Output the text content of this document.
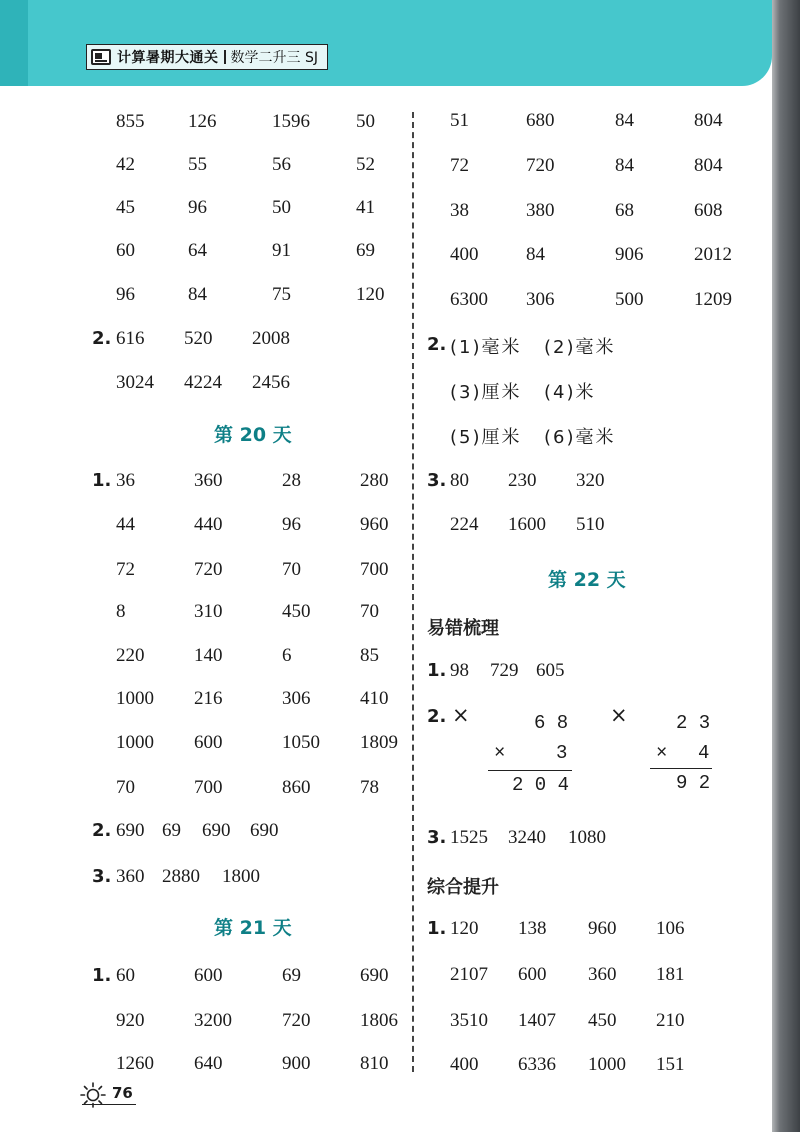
计算暑期大通关 数学二升三 SJ
855 126	1596 50
42	55	56	52
45	96	50	41
60	64	91	69
96	84	75	120
2. 616 520 2008
3024 4224 2456
第 20 天
1. 36	360	28	280
44	440	96	960
72	720	70	700
8	310	450	70
220	140	6	85
1000 216	306	410
1000 600	1050 1809
70	700	860	78
2. 690 69 690 690
3. 360 2880 1800
第 21 天
1. 60	600	69	690
920	3200	720	1806
1260 640	900	810
51	680	84	804
72	720	84	804
38	380	68	608
400	84	906	2012
6300 306	500	1209
2. (1)毫米 (2)毫米
(3)厘米 (4)米
(5)厘米 (6)毫米
3. 80 230 320
224 1600 510
第 22 天
易错梳理
1. 98 729 605
2. ×	×
6 8
×	3
2 0 4
2 3
× 4
9 2
3. 1525 3240 1080
综合提升
1. 120 138 960 106
2107 600 360 181
3510 1407 450 210
400 6336 1000 151
76
